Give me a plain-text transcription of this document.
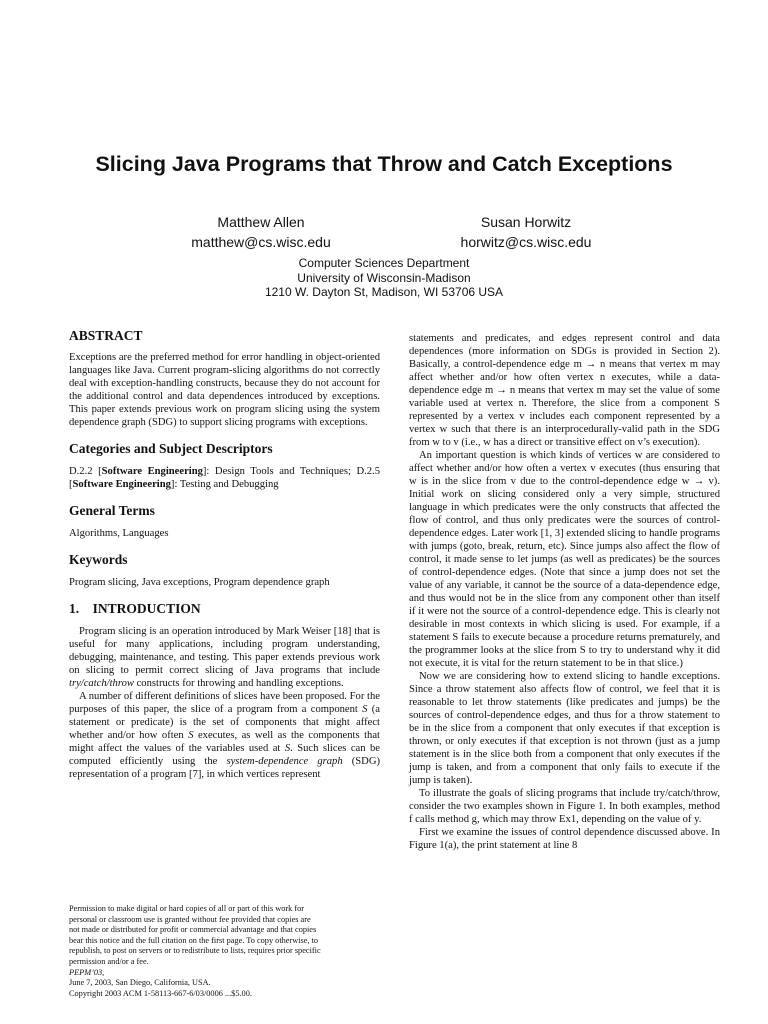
Slicing Java Programs that Throw and Catch Exceptions
Matthew Allen
matthew@cs.wisc.edu
Susan Horwitz
horwitz@cs.wisc.edu
Computer Sciences Department
University of Wisconsin-Madison
1210 W. Dayton St, Madison, WI 53706 USA
ABSTRACT

Exceptions are the preferred method for error handling in object-oriented languages like Java. Current program-slicing algorithms do not correctly deal with exception-handling constructs, because they do not account for the additional control and data dependences introduced by exceptions. This paper extends previous work on program slicing using the system dependence graph (SDG) to support slicing programs with exceptions.

Categories and Subject Descriptors

D.2.2 [Software Engineering]: Design Tools and Techniques; D.2.5 [Software Engineering]: Testing and Debugging

General Terms

Algorithms, Languages

Keywords

Program slicing, Java exceptions, Program dependence graph

1.    INTRODUCTION

Program slicing is an operation introduced by Mark Weiser [18] that is useful for many applications, including program understanding, debugging, maintenance, and testing. This paper extends previous work on slicing to permit correct slicing of Java programs that include try/catch/throw constructs for throwing and handling exceptions.

A number of different definitions of slices have been proposed. For the purposes of this paper, the slice of a program from a component S (a statement or predicate) is the set of components that might affect whether and/or how often S executes, as well as the components that might affect the values of the variables used at S. Such slices can be computed efficiently using the system-dependence graph (SDG) representation of a program [7], in which vertices represent

Permission to make digital or hard copies of all or part of this work for
personal or classroom use is granted without fee provided that copies are
not made or distributed for profit or commercial advantage and that copies
bear this notice and the full citation on the first page. To copy otherwise, to
republish, to post on servers or to redistribute to lists, requires prior specific
permission and/or a fee.
PEPM’03,
June 7, 2003, San Diego, California, USA.
Copyright 2003 ACM 1-58113-667-6/03/0006 ...$5.00.

statements and predicates, and edges represent control and data dependences (more information on SDGs is provided in Section 2). Basically, a control-dependence edge m → n means that vertex m may affect whether and/or how often vertex n executes, while a data-dependence edge m → n means that vertex m may set the value of some variable used at vertex n. Therefore, the slice from a component S represented by a vertex v includes each component represented by a vertex w such that there is an interprocedurally-valid path in the SDG from w to v (i.e., w has a direct or transitive effect on v’s execution).

An important question is which kinds of vertices w are considered to affect whether and/or how often a vertex v executes (thus ensuring that w is in the slice from v due to the control-dependence edge w → v). Initial work on slicing considered only a very simple, structured language in which predicates were the only constructs that affected the flow of control, and thus only predicates were the sources of control-dependence edges. Later work [1, 3] extended slicing to handle programs with jumps (goto, break, return, etc). Since jumps also affect the flow of control, it made sense to let jumps (as well as predicates) be the sources of control-dependence edges. (Note that since a jump does not set the value of any variable, it cannot be the source of a data-dependence edge, and thus would not be in the slice from any component other than itself if it were not the source of a control-dependence edge. This is clearly not desirable in most contexts in which slicing is used. For example, if a statement S fails to execute because a procedure returns prematurely, and the programmer looks at the slice from S to try to understand why it did not execute, it is vital for the return statement to be in that slice.)

Now we are considering how to extend slicing to handle exceptions. Since a throw statement also affects flow of control, we feel that it is reasonable to let throw statements (like predicates and jumps) be the sources of control-dependence edges, and thus for a throw statement to be in the slice from a component that only executes if that exception is thrown, or only executes if that exception is not thrown (just as a jump statement is in the slice both from a component that only executes if the jump is taken, and from a component that only fails to execute if the jump is taken).

To illustrate the goals of slicing programs that include try/catch/throw, consider the two examples shown in Figure 1. In both examples, method f calls method g, which may throw Ex1, depending on the value of y.

First we examine the issues of control dependence discussed above. In Figure 1(a), the print statement at line 8
